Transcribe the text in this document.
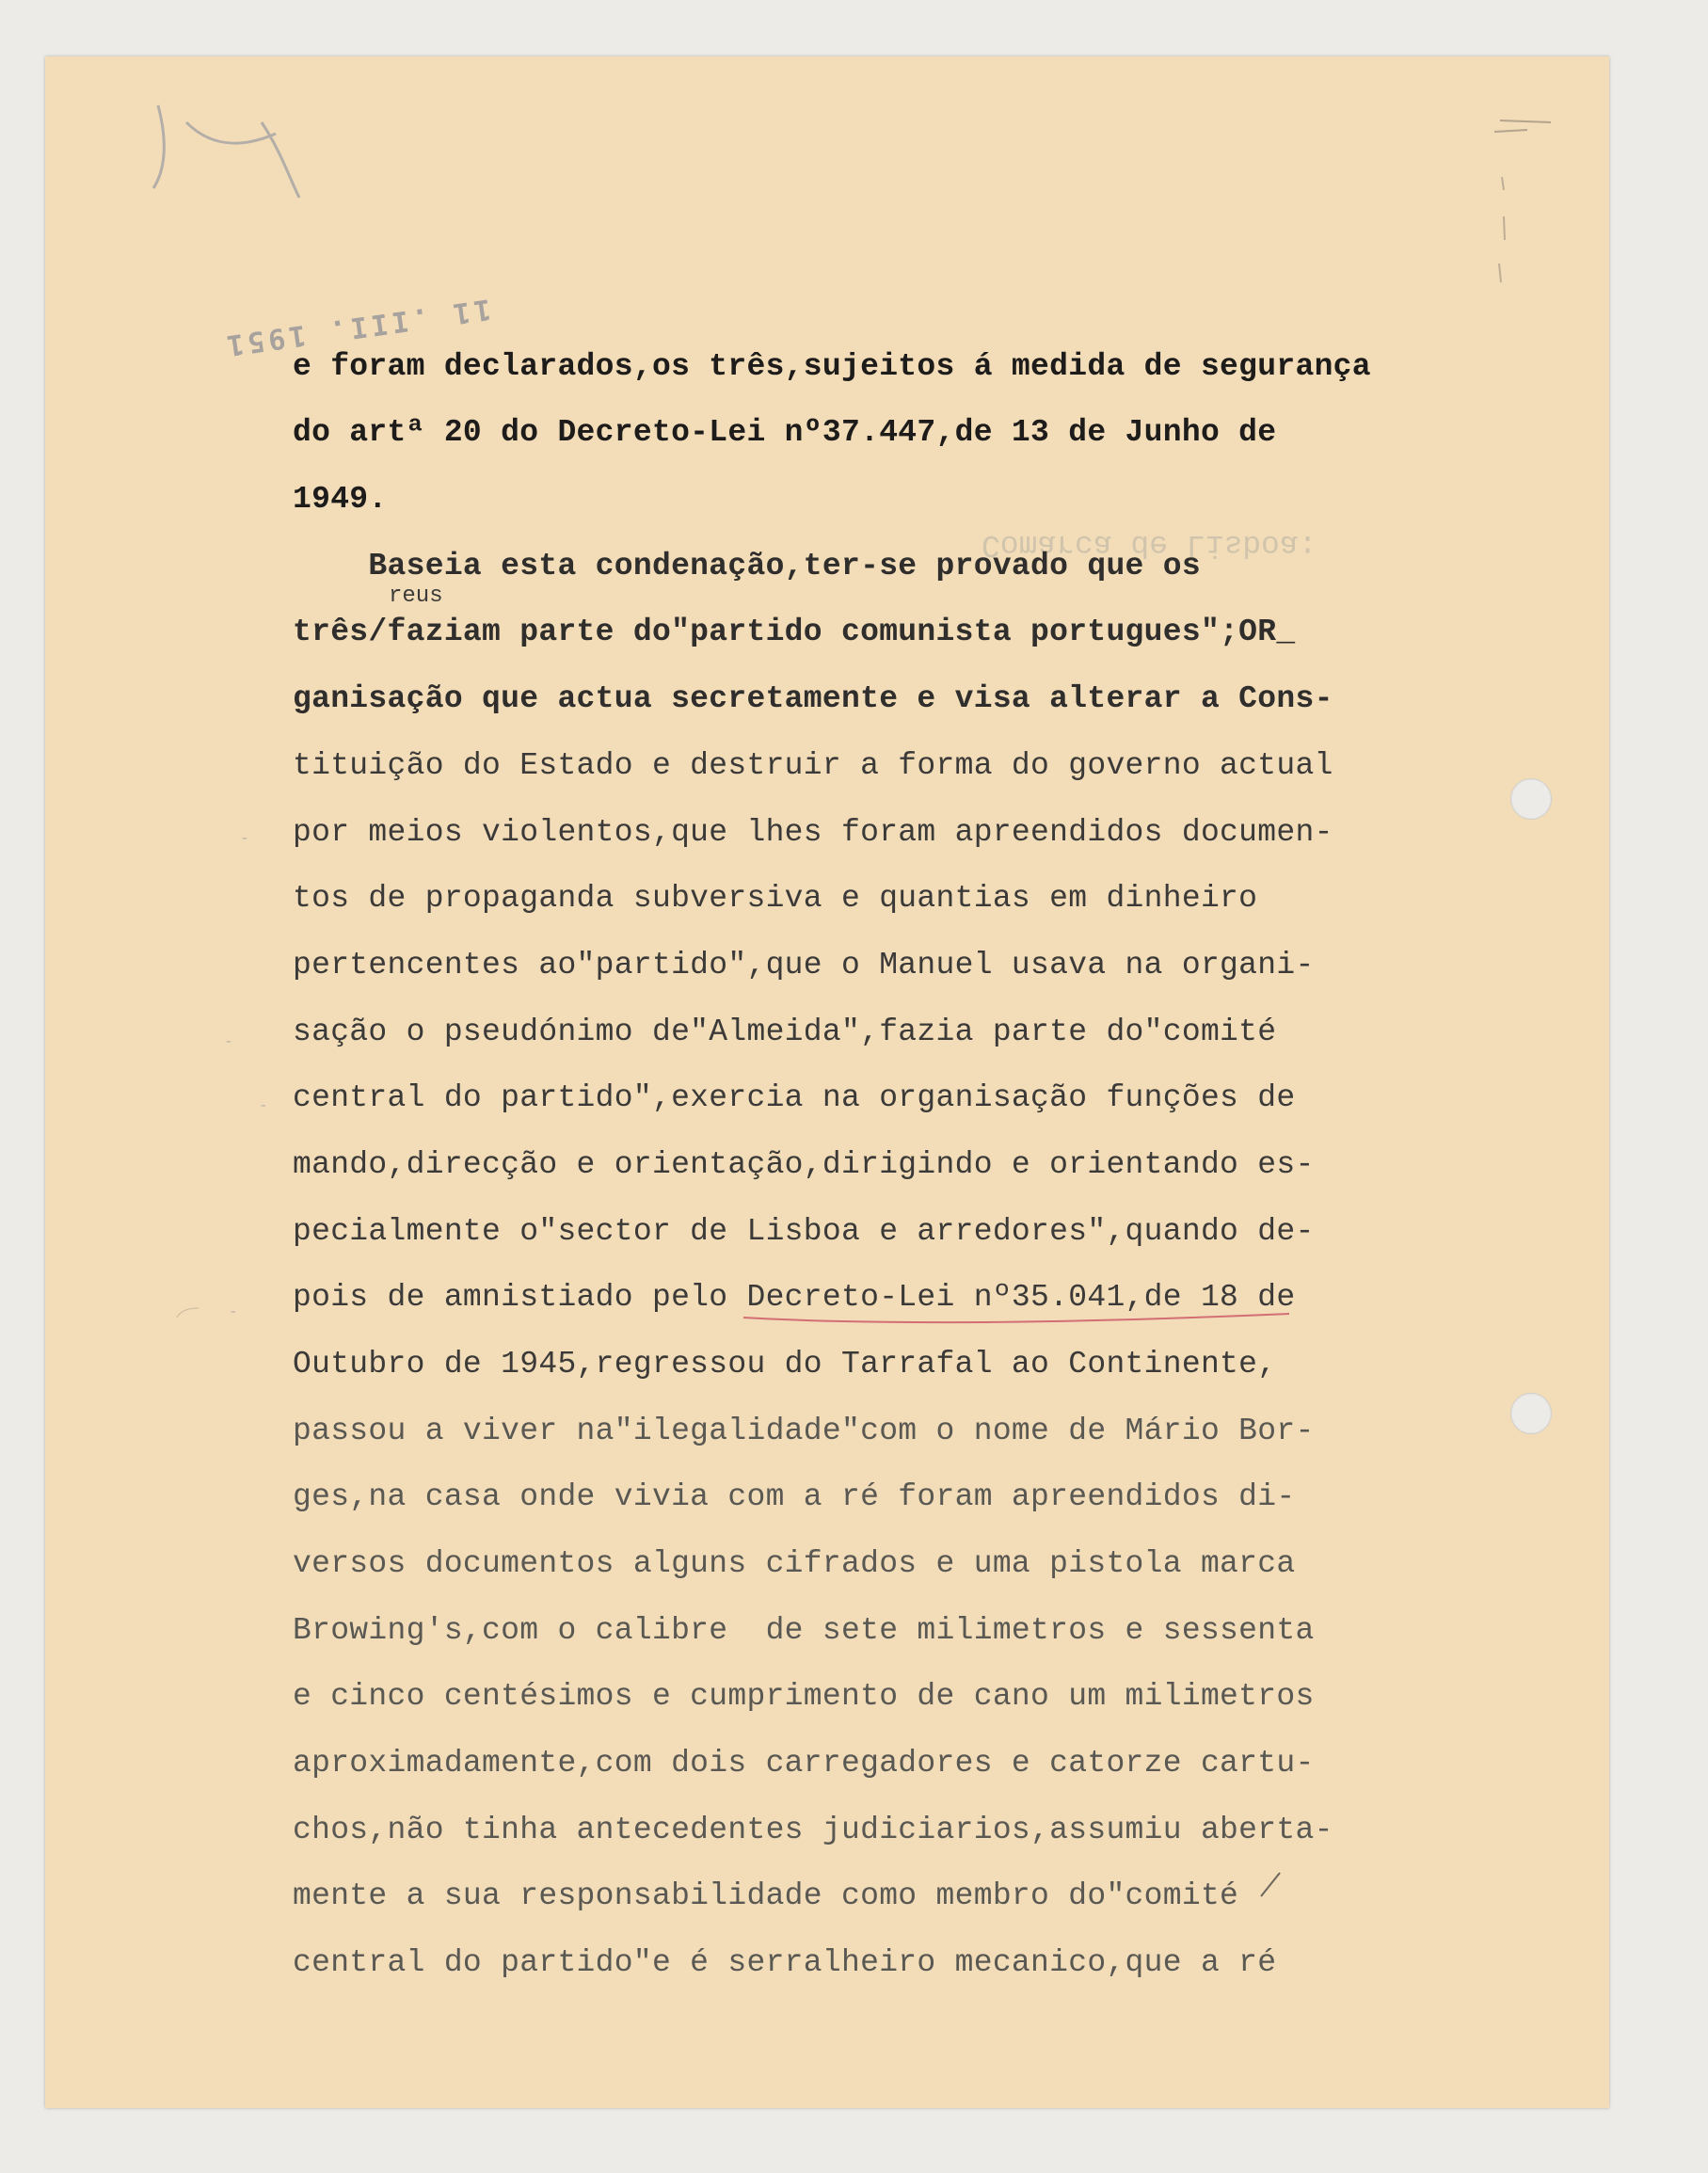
11 .III. 1951
Comarca de Lisboa:
-
-
-
-
reus
e foram declarados,os três,sujeitos á medida de segurança
do artª 20 do Decreto-Lei nº37.447,de 13 de Junho de
1949.
Baseia esta condenação,ter-se provado que os
três/faziam parte do"partido comunista portugues";OR_
ganisação que actua secretamente e visa alterar a Cons-
tituição do Estado e destruir a forma do governo actual
por meios violentos,que lhes foram apreendidos documen-
tos de propaganda subversiva e quantias em dinheiro
pertencentes ao"partido",que o Manuel usava na organi-
sação o pseudónimo de"Almeida",fazia parte do"comité
central do partido",exercia na organisação funções de
mando,direcção e orientação,dirigindo e orientando es-
pecialmente o"sector de Lisboa e arredores",quando de-
pois de amnistiado pelo Decreto-Lei nº35.041,de 18 de
Outubro de 1945,regressou do Tarrafal ao Continente,
passou a viver na"ilegalidade"com o nome de Mário Bor-
ges,na casa onde vivia com a ré foram apreendidos di-
versos documentos alguns cifrados e uma pistola marca
Browing's,com o calibre  de sete milimetros e sessenta
e cinco centésimos e cumprimento de cano um milimetros
aproximadamente,com dois carregadores e catorze cartu-
chos,não tinha antecedentes judiciarios,assumiu aberta-
mente a sua responsabilidade como membro do"comité
central do partido"e é serralheiro mecanico,que a ré
